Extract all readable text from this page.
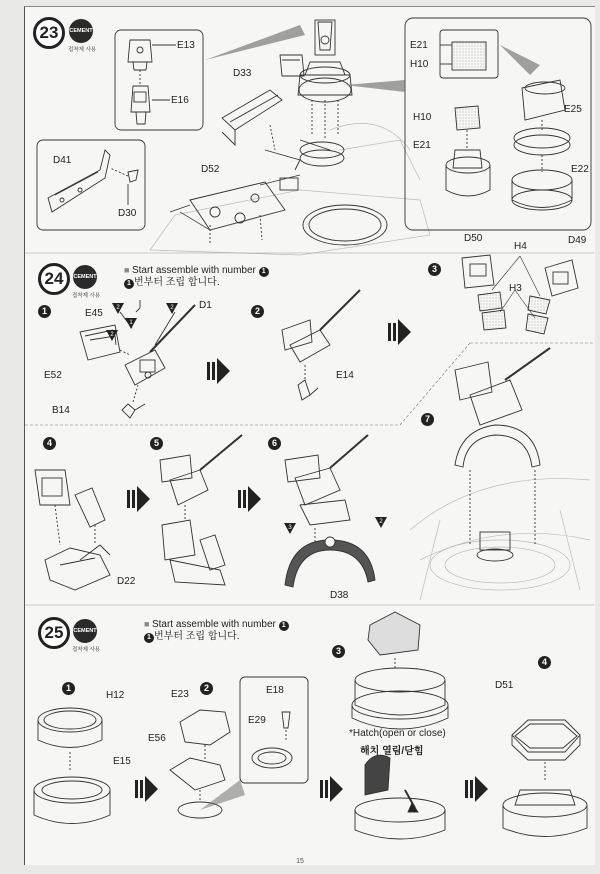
1
2	2
3
2
2
23	CEMENT
접착제 사용	E13
E16
D33
D41
D30
D52
E21
H10
H10
E21
E25
E22
24	CEMENT
접착제 사용
■ Start assemble with number 1
1 번부터 조립 합니다.
1	2
3
4	5	6
7
E45
D1
E52
B14
E14
D50
H4
D49
H3
D22
D38
25	CEMENT
접착제 사용
■ Start assemble with number 1
1 번부터 조립 합니다.
1	2
3
4
H12
E15
E23
E56
E18
E29
D51
*Hatch(open or close)
해치 열림/닫힘
15
